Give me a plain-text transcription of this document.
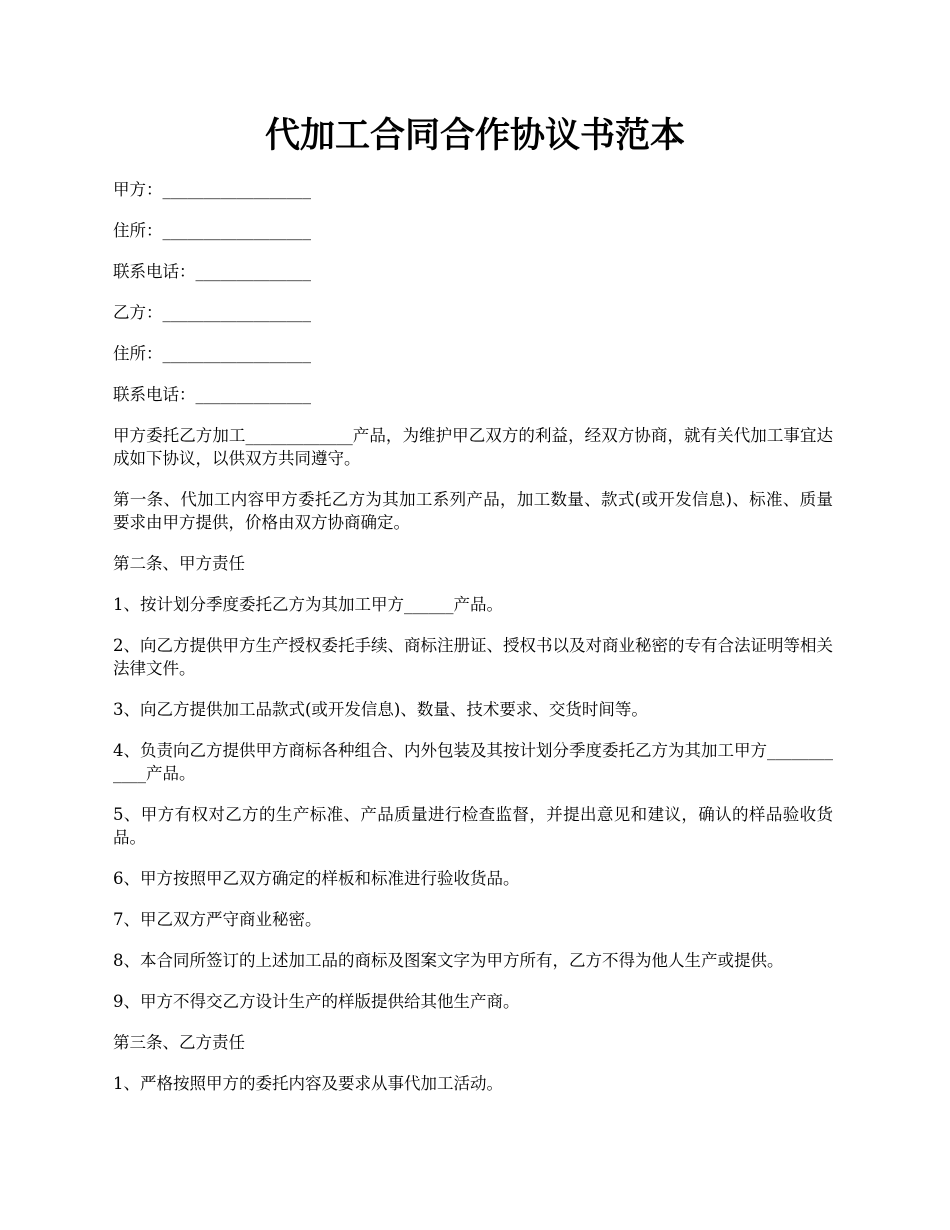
代加工合同合作协议书范本
甲方：__________________
住所：__________________
联系电话：______________
乙方：__________________
住所：__________________
联系电话：______________

甲方委托乙方加工_____________产品，为维护甲乙双方的利益，经双方协商，就有关代加工事宜达成如下协议，以供双方共同遵守。

第一条、代加工内容甲方委托乙方为其加工系列产品，加工数量、款式(或开发信息)、标准、质量要求由甲方提供，价格由双方协商确定。

第二条、甲方责任

1、按计划分季度委托乙方为其加工甲方______产品。

2、向乙方提供甲方生产授权委托手续、商标注册证、授权书以及对商业秘密的专有合法证明等相关法律文件。

3、向乙方提供加工品款式(或开发信息)、数量、技术要求、交货时间等。

4、负责向乙方提供甲方商标各种组合、内外包装及其按计划分季度委托乙方为其加工甲方____________产品。

5、甲方有权对乙方的生产标准、产品质量进行检查监督，并提出意见和建议，确认的样品验收货品。

6、甲方按照甲乙双方确定的样板和标准进行验收货品。

7、甲乙双方严守商业秘密。

8、本合同所签订的上述加工品的商标及图案文字为甲方所有，乙方不得为他人生产或提供。

9、甲方不得交乙方设计生产的样版提供给其他生产商。

第三条、乙方责任

1、严格按照甲方的委托内容及要求从事代加工活动。
